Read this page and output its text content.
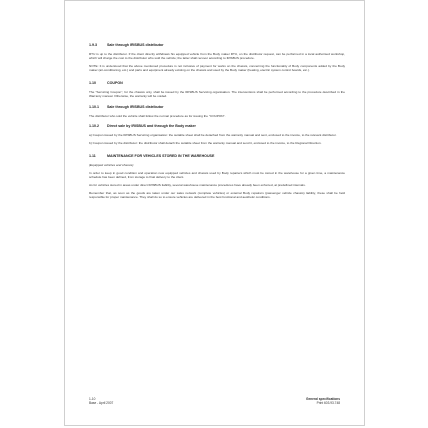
1.9.3	Sale through IRISBUS distributor

RTU is up to the distributor. If the client directly withdraws his equipped vehicle from the Body maker RTU, on the distributor request, can be performed in a local authorised workshop, which will charge the cost to the distributor who sold the vehicle; the latter shall recover according to IRISBUS procedure.

NOTE: It is understood that the above mentioned procedure is not inclusive of payment for works on the chassis, concerning the functionality of Body components added by the Body maker (air-conditioning, etc.) and parts and equipment already existing on the chassis and used by the Body maker (heating, electric system control boards, etc.).

1.10	COUPON

The "Servicing Coupon", for the chassis only, shall be issued by the IRISBUS Servicing organisation. The interventions shall be performed according to the procedure described in the Warranty manual. Otherwise, the warranty will be voided.

1.10.1 Sale through IRISBUS distributor

The distributor who sold the vehicle shall follow the normal procedure as for issuing the "COUPON".

1.10.2 Direct sale by IRISBUS and through the Body maker

a) Coupon issued by the IRISBUS Servicing organisation: the suitable sheet shall be detached from the warranty manual and sent, enclosed to the invoice, to the relevant distributor.

b) Coupon issued by the distributor: the distributor shall detach the suitable sheet from the warranty manual and send it, enclosed to the invoice, to the Regional Direction.

1.11	MAINTENANCE FOR VEHICLES STORED IN THE WAREHOUSE

(Equipped vehicles and chassis)

In order to keep in good condition and operation new equipped vehicles and chassis used by Body repairers which must be stored in the warehouse for a given time, a maintenance schedule has been defined, from storage to final delivery to the client.

As for vehicles stored in areas under direct IRISBUS liability, several warehouse maintenance procedures have already been enforced, at predefined intervals.

Remember that, as soon as the goods are taken under our sales network (complete vehicles) or external Body repairers (passenger vehicle chassis) liability, these shall be held responsible for proper maintenance. They shall do so to ensure vehicles are delivered in the best functional and aesthetic conditions.

1-10
Base - April 2007
General specifications
Print 603.93.748
